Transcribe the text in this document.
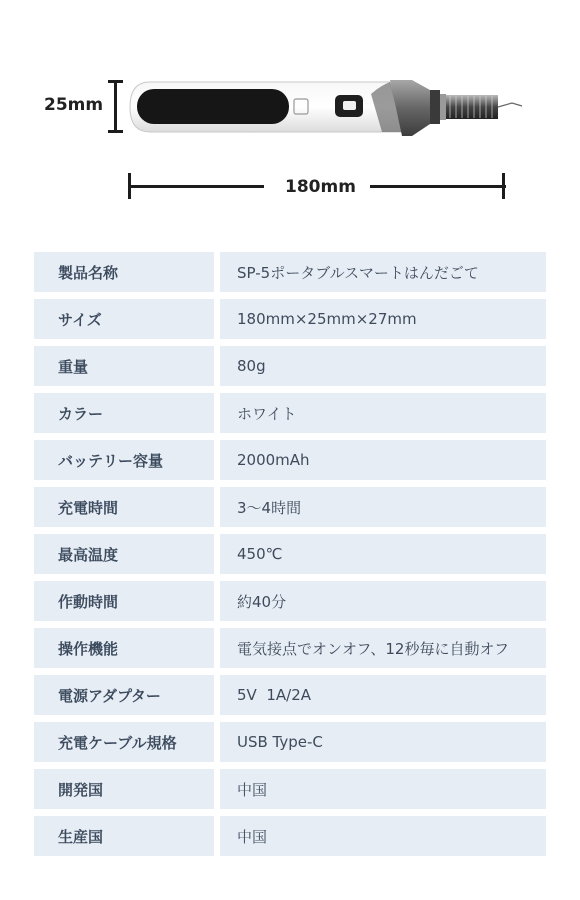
25mm
180mm
製品名称	SP-5ポータブルスマートはんだごて
サイズ	180mm×25mm×27mm
重量	80g
カラー	ホワイト
バッテリー容量	2000mAh
充電時間	3〜4時間
最高温度	450℃
作動時間	約40分
操作機能	電気接点でオンオフ、12秒毎に自動オフ
電源アダプター	5V  1A/2A
充電ケーブル規格	USB Type-C
開発国	中国
生産国	中国
